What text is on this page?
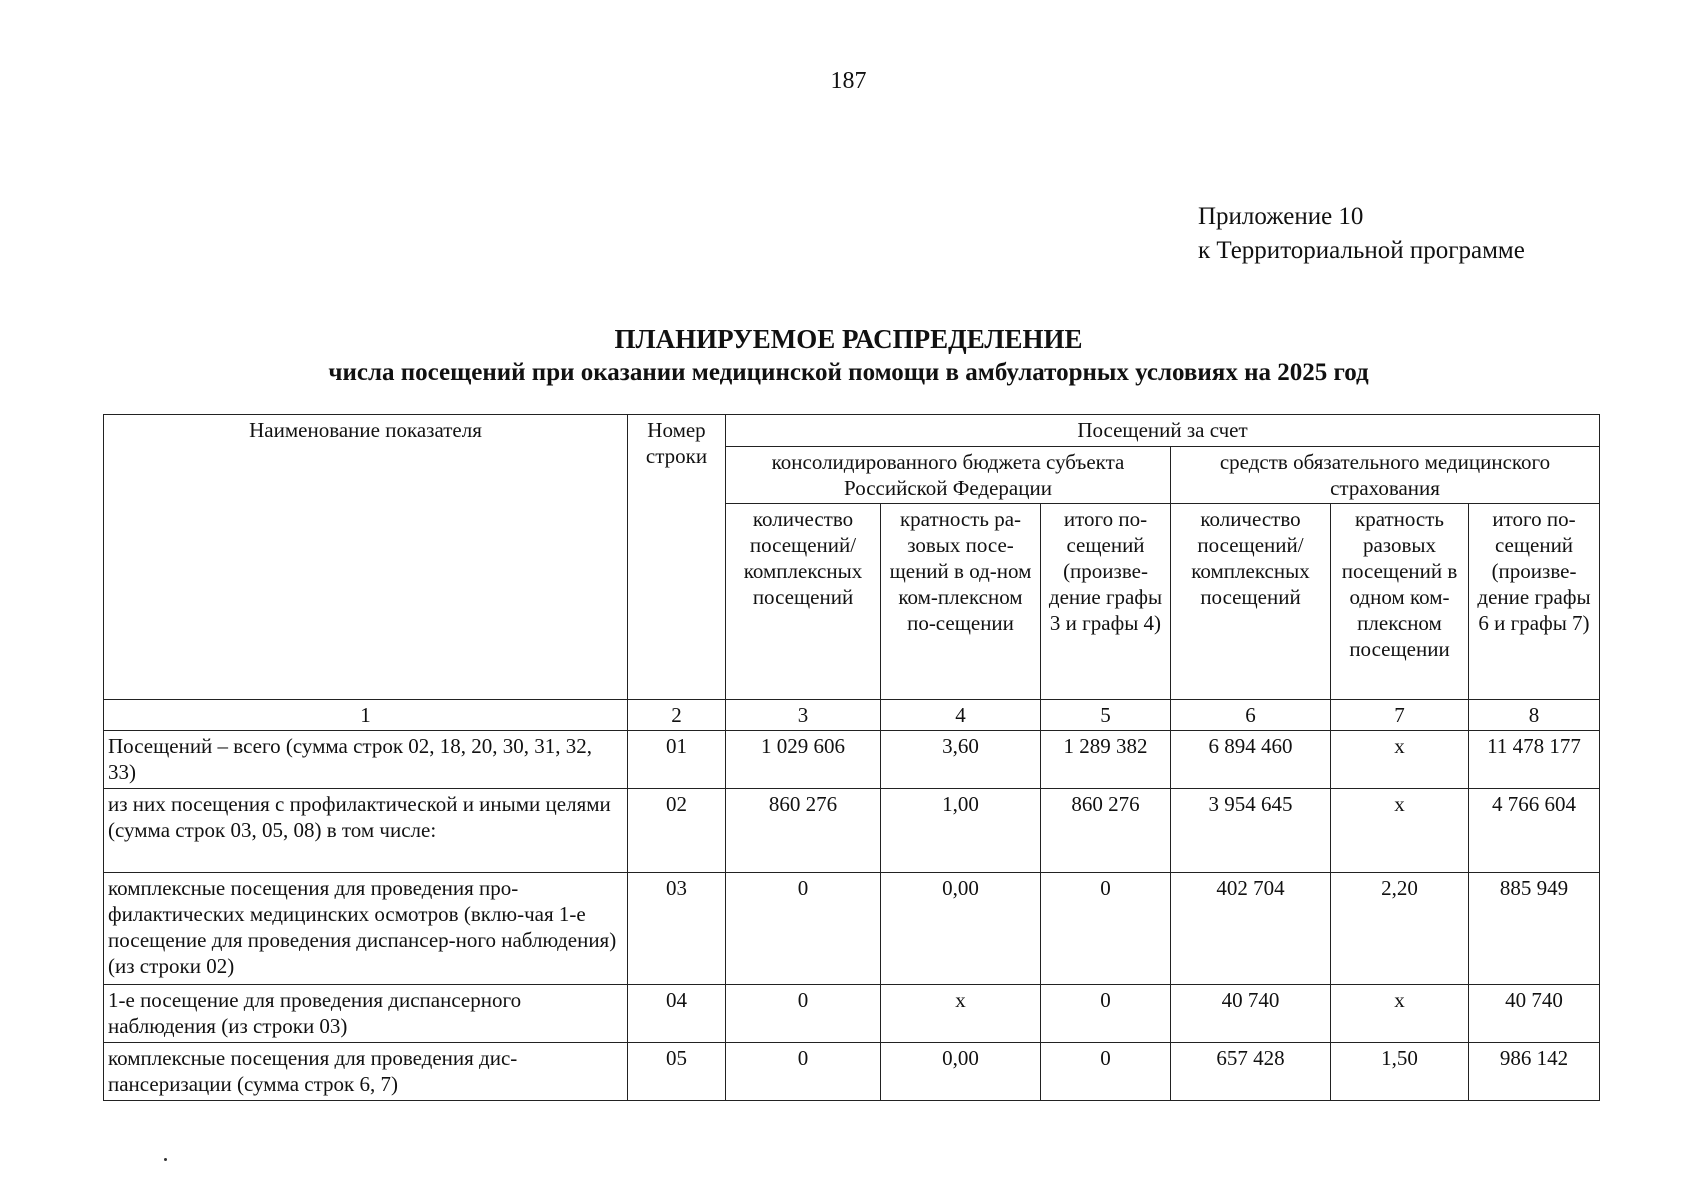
187
Приложение 10
к Территориальной программе
ПЛАНИРУЕМОЕ РАСПРЕДЕЛЕНИЕ
числа посещений при оказании медицинской помощи в амбулаторных условиях на 2025 год
Наименование показателя	Номер строки	Посещений за счет					
		консолидированного бюджета субъекта Российской Федерации			средств обязательного медицинского страхования		
		количество посещений/ комплексных посещений	кратность ра-зовых посе-щений в од-ном ком-плексном по-сещении	итого по-сещений (произве-дение графы 3 и графы 4)	количество посещений/ комплексных посещений	кратность разовых посещений в одном ком-плексном посещении	итого по-сещений (произве-дение графы 6 и графы 7)
1	2	3	4	5	6	7	8
Посещений – всего (сумма строк 02, 18, 20, 30, 31, 32, 33)	01	1 029 606	3,60	1 289 382	6 894 460	x	11 478 177
из них посещения с профилактической и иными целями (сумма строк 03, 05, 08) в том числе:	02	860 276	1,00	860 276	3 954 645	x	4 766 604
комплексные посещения для проведения про-филактических медицинских осмотров (вклю-чая 1-е посещение для проведения диспансер-ного наблюдения) (из строки 02)	03	0	0,00	0	402 704	2,20	885 949
1-е посещение для проведения диспансерного наблюдения (из строки 03)	04	0	x	0	40 740	x	40 740
комплексные посещения для проведения дис-пансеризации (сумма строк 6, 7)	05	0	0,00	0	657 428	1,50	986 142
